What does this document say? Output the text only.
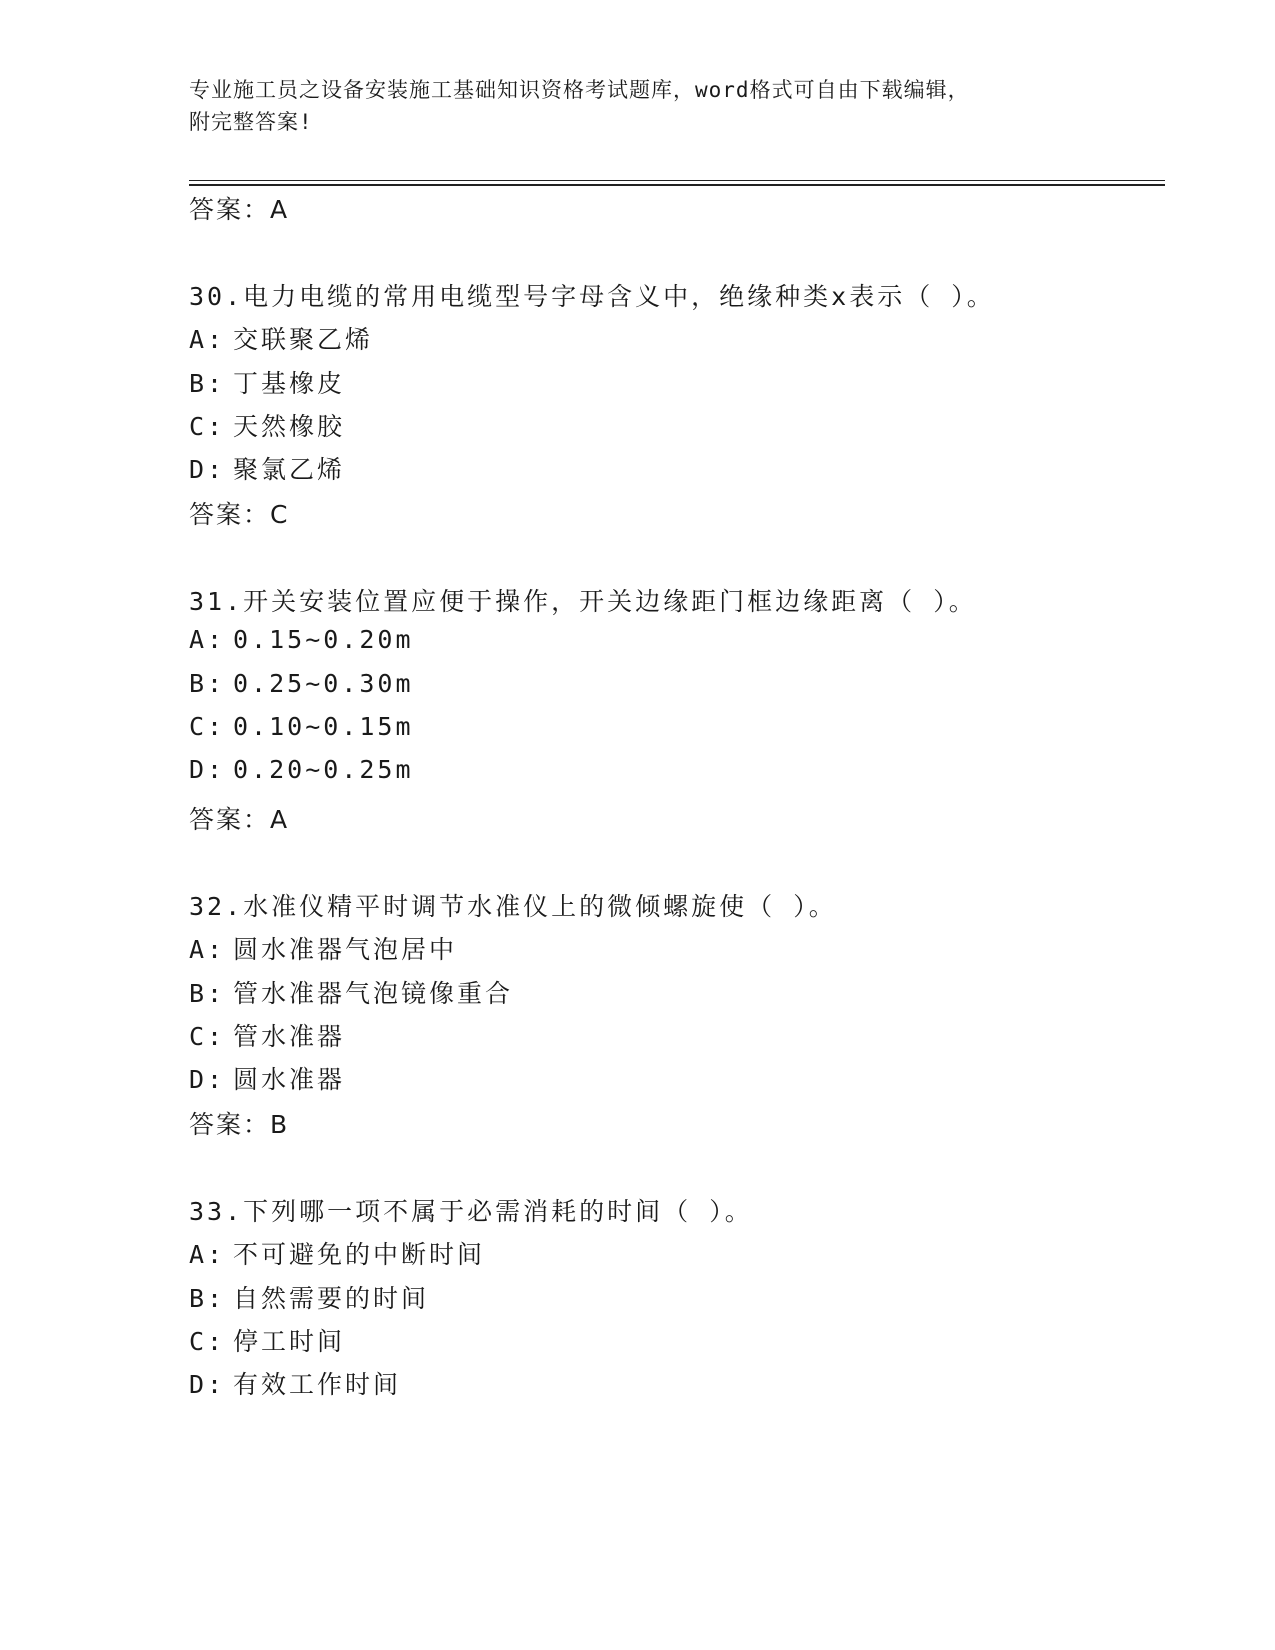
专业施工员之设备安装施工基础知识资格考试题库，word格式可自由下载编辑，
附完整答案!
答案：A
30.电力电缆的常用电缆型号字母含义中，绝缘种类x表示（ ）。
A: 交联聚乙烯
B: 丁基橡皮
C: 天然橡胶
D: 聚氯乙烯
答案：C
31.开关安装位置应便于操作，开关边缘距门框边缘距离（ ）。
A: 0.15~0.20m
B: 0.25~0.30m
C: 0.10~0.15m
D: 0.20~0.25m
答案：A
32.水准仪精平时调节水准仪上的微倾螺旋使（ ）。
A: 圆水准器气泡居中
B: 管水准器气泡镜像重合
C: 管水准器
D: 圆水准器
答案：B
33.下列哪一项不属于必需消耗的时间（ ）。
A: 不可避免的中断时间
B: 自然需要的时间
C: 停工时间
D: 有效工作时间
